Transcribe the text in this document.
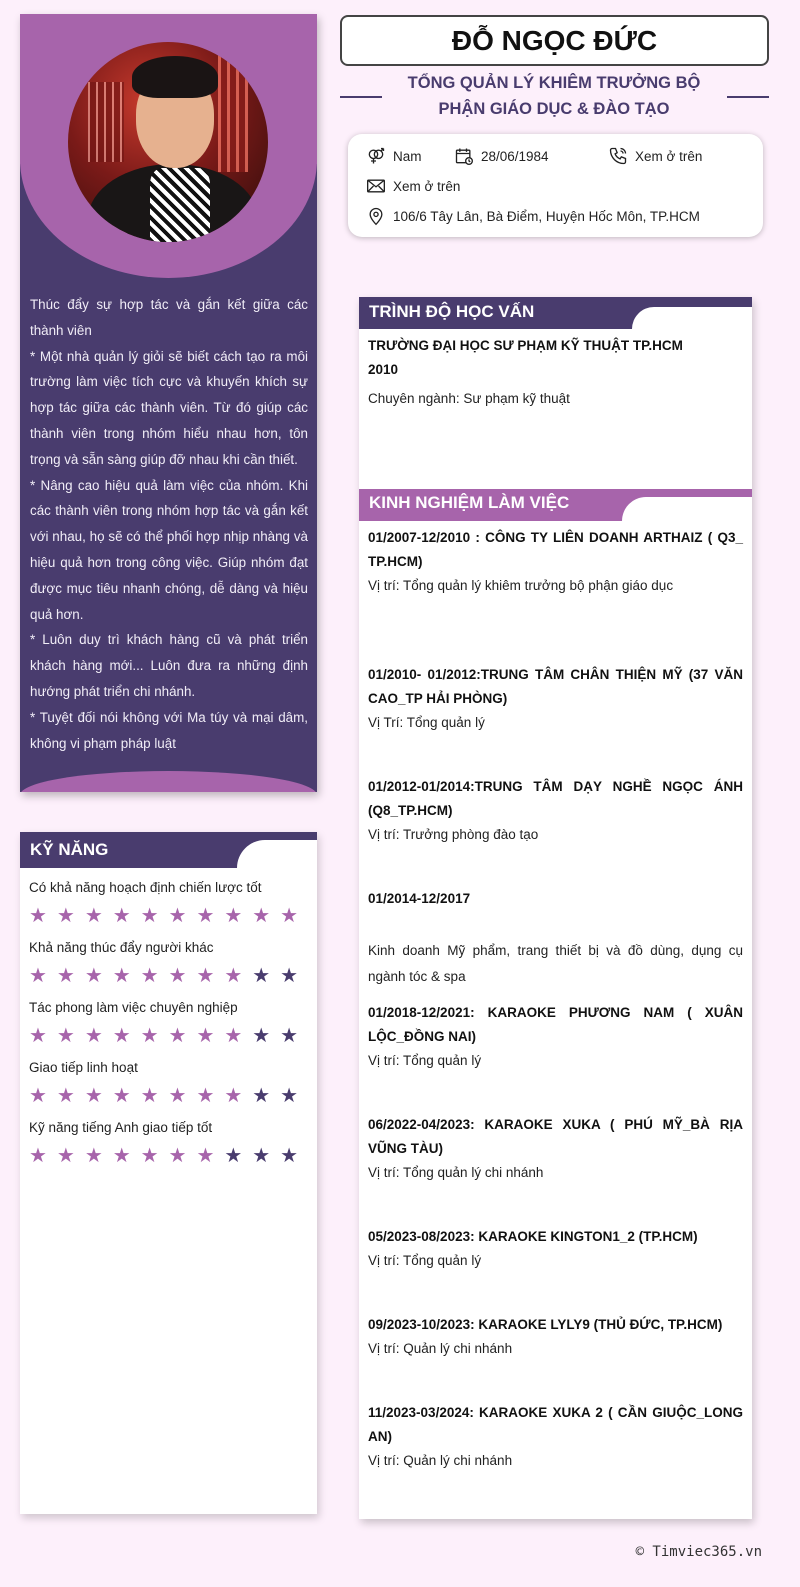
Thúc đẩy sự hợp tác và gắn kết giữa các thành viên

* Một nhà quản lý giỏi sẽ biết cách tạo ra môi trường làm việc tích cực và khuyến khích sự hợp tác giữa các thành viên. Từ đó giúp các thành viên trong nhóm hiểu nhau hơn, tôn trọng và sẵn sàng giúp đỡ nhau khi cần thiết.

* Nâng cao hiệu quả làm việc của nhóm. Khi các thành viên trong nhóm hợp tác và gắn kết với nhau, họ sẽ có thể phối hợp nhịp nhàng và hiệu quả hơn trong công việc. Giúp nhóm đạt được mục tiêu nhanh chóng, dễ dàng và hiệu quả hơn.

* Luôn duy trì khách hàng cũ và phát triển khách hàng mới... Luôn đưa ra những định hướng phát triển chi nhánh.

* Tuyệt đối nói không với Ma túy và mại dâm, không vi phạm pháp luật

KỸ NĂNG
Có khả năng hoạch định chiến lược tốt
★ ★ ★ ★ ★ ★ ★ ★ ★ ★
Khả năng thúc đẩy người khác
★ ★ ★ ★ ★ ★ ★ ★ ★ ★
Tác phong làm việc chuyên nghiệp
★ ★ ★ ★ ★ ★ ★ ★ ★ ★
Giao tiếp linh hoạt
★ ★ ★ ★ ★ ★ ★ ★ ★ ★
Kỹ năng tiếng Anh giao tiếp tốt
★ ★ ★ ★ ★ ★ ★ ★ ★ ★
ĐỖ NGỌC ĐỨC
TỔNG QUẢN LÝ KHIÊM TRƯỞNG BỘ
PHẬN GIÁO DỤC & ĐÀO TẠO
Nam	28/06/1984	Xem ở trên
Xem ở trên
106/6 Tây Lân, Bà Điểm, Huyện Hốc Môn, TP.HCM
TRÌNH ĐỘ HỌC VẤN
TRƯỜNG ĐẠI HỌC SƯ PHẠM KỸ THUẬT TP.HCM
2010
Chuyên ngành: Sư phạm kỹ thuật
KINH NGHIỆM LÀM VIỆC
01/2007-12/2010 : CÔNG TY LIÊN DOANH ARTHAIZ ( Q3_ TP.HCM)
Vị trí: Tổng quản lý khiêm trưởng bộ phận giáo dục
01/2010- 01/2012:TRUNG TÂM CHÂN THIỆN MỸ (37 VĂN CAO_TP HẢI PHÒNG)
Vị Trí: Tổng quản lý
01/2012-01/2014:TRUNG TÂM DẠY NGHỀ NGỌC ÁNH (Q8_TP.HCM)
Vị trí: Trưởng phòng đào tạo
01/2014-12/2017
Kinh doanh Mỹ phẩm, trang thiết bị và đồ dùng, dụng cụ ngành tóc & spa
01/2018-12/2021: KARAOKE PHƯƠNG NAM ( XUÂN LỘC_ĐỒNG NAI)
Vị trí: Tổng quản lý
06/2022-04/2023: KARAOKE XUKA ( PHÚ MỸ_BÀ RỊA VŨNG TÀU)
Vị trí: Tổng quản lý chi nhánh
05/2023-08/2023: KARAOKE KINGTON1_2 (TP.HCM)
Vị trí: Tổng quản lý
09/2023-10/2023: KARAOKE LYLY9 (THỦ ĐỨC, TP.HCM)
Vị trí: Quản lý chi nhánh
11/2023-03/2024: KARAOKE XUKA 2 ( CẦN GIUỘC_LONG AN)
Vị trí: Quản lý chi nhánh
© Timviec365.vn
